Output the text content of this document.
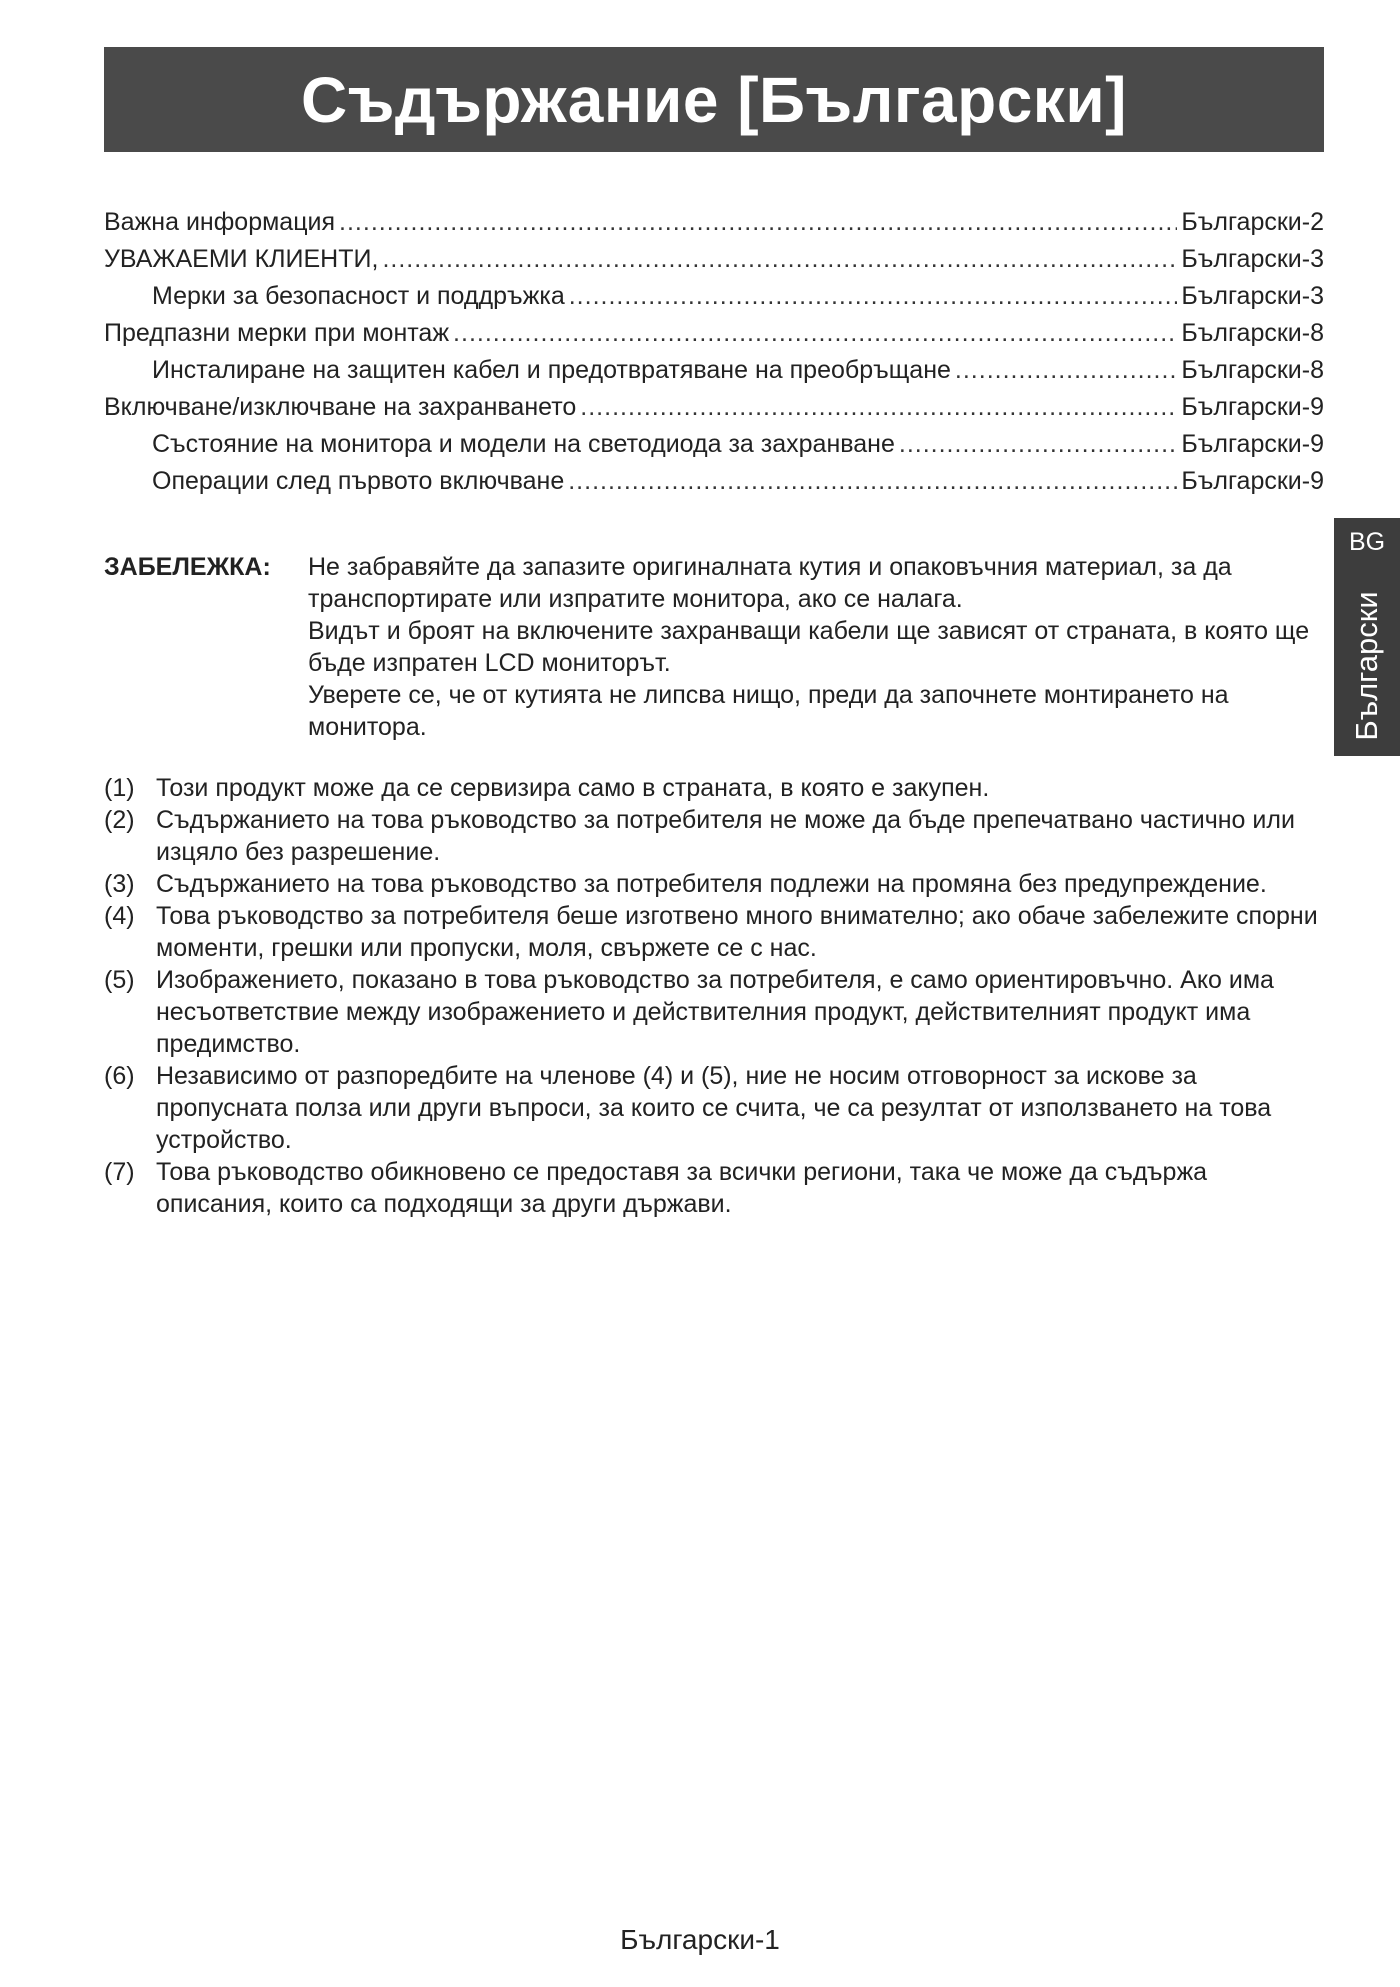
Съдържание [Български]
Важна информация .....	Български-2
УВАЖАЕМИ КЛИЕНТИ, .....	Български-3
Мерки за безопасност и поддръжка .....	Български-3
Предпазни мерки при монтаж .....	Български-8
Инсталиране на защитен кабел и предотвратяване на преобръщане .....	Български-8
Включване/изключване на захранването .....	Български-9
Състояние на монитора и модели на светодиода за захранване .....	Български-9
Операции след първото включване .....	Български-9
BG
Български
ЗАБЕЛЕЖКА:	Не забравяйте да запазите оригиналната кутия и опаковъчния материал, за да транспортирате или изпратите монитора, ако се налага.

Видът и броят на включените захранващи кабели ще зависят от страната, в която ще бъде изпратен LCD мониторът.

Уверете се, че от кутията не липсва нищо, преди да започнете монтирането на монитора.

(1) Този продукт може да се сервизира само в страната, в която е закупен.
(2) Съдържанието на това ръководство за потребителя не може да бъде препечатвано частично или изцяло без разрешение.
(3) Съдържанието на това ръководство за потребителя подлежи на промяна без предупреждение.
(4) Това ръководство за потребителя беше изготвено много внимателно; ако обаче забележите спорни моменти, грешки или пропуски, моля, свържете се с нас.
(5) Изображението, показано в това ръководство за потребителя, е само ориентировъчно. Ако има несъответствие между изображението и действителния продукт, действителният продукт има предимство.
(6) Независимо от разпоредбите на членове (4) и (5), ние не носим отговорност за искове за пропусната полза или други въпроси, за които се счита, че са резултат от използването на това устройство.
(7) Това ръководство обикновено се предоставя за всички региони, така че може да съдържа описания, които са подходящи за други държави.
Български-1
